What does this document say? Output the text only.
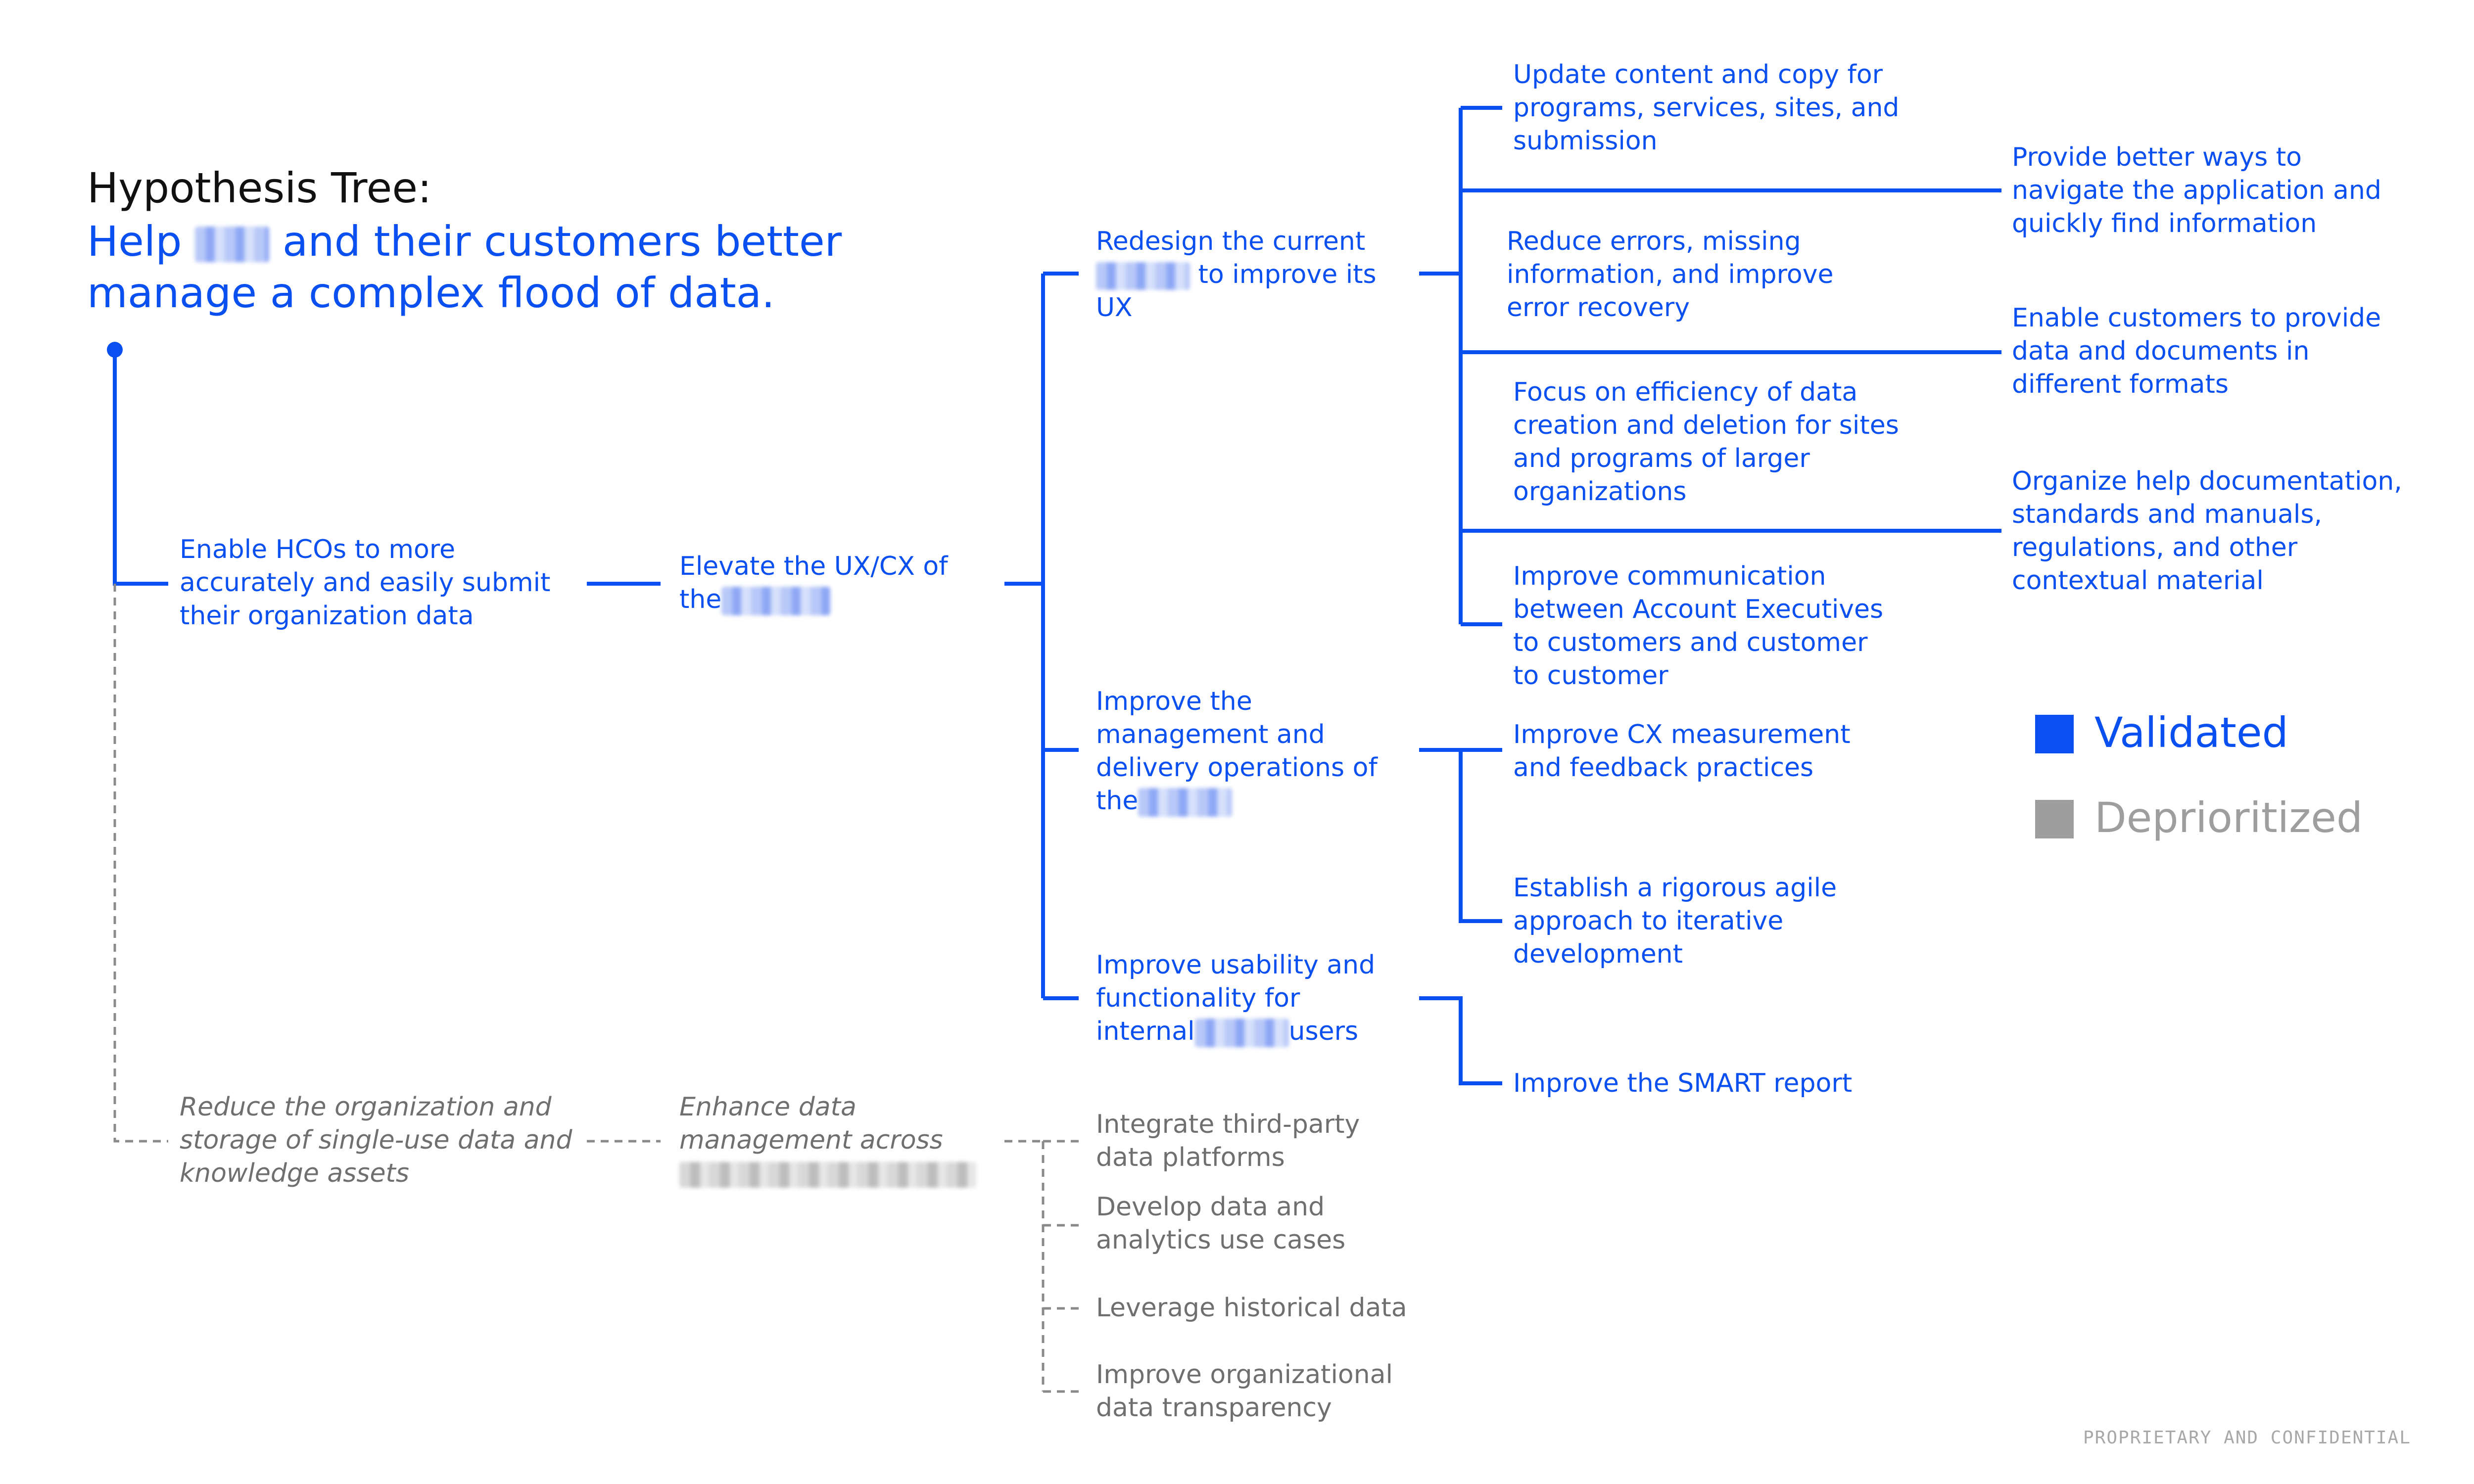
Hypothesis Tree:
Help and their customers better
manage a complex flood of data.
Enable HCOs to more
accurately and easily submit
their organization data
Elevate the UX/CX of
the
Redesign the current
to improve its
UX
Improve the
management and
delivery operations of
the
Improve usability and
functionality for
internal	users
Update content and copy for
programs, services, sites, and
submission
Reduce errors, missing
information, and improve
error recovery
Focus on efficiency of data
creation and deletion for sites
and programs of larger
organizations
Improve communication
between Account Executives
to customers and customer
to customer
Improve CX measurement
and feedback practices
Establish a rigorous agile
approach to iterative
development
Improve the SMART report
Provide better ways to
navigate the application and
quickly find information
Enable customers to provide
data and documents in
different formats
Organize help documentation,
standards and manuals,
regulations, and other
contextual material
Validated
Deprioritized
Reduce the organization and
storage of single-use data and
knowledge assets
Enhance data
management across
Integrate third-party
data platforms
Develop data and
analytics use cases
Leverage historical data
Improve organizational
data transparency
PROPRIETARY AND CONFIDENTIAL
